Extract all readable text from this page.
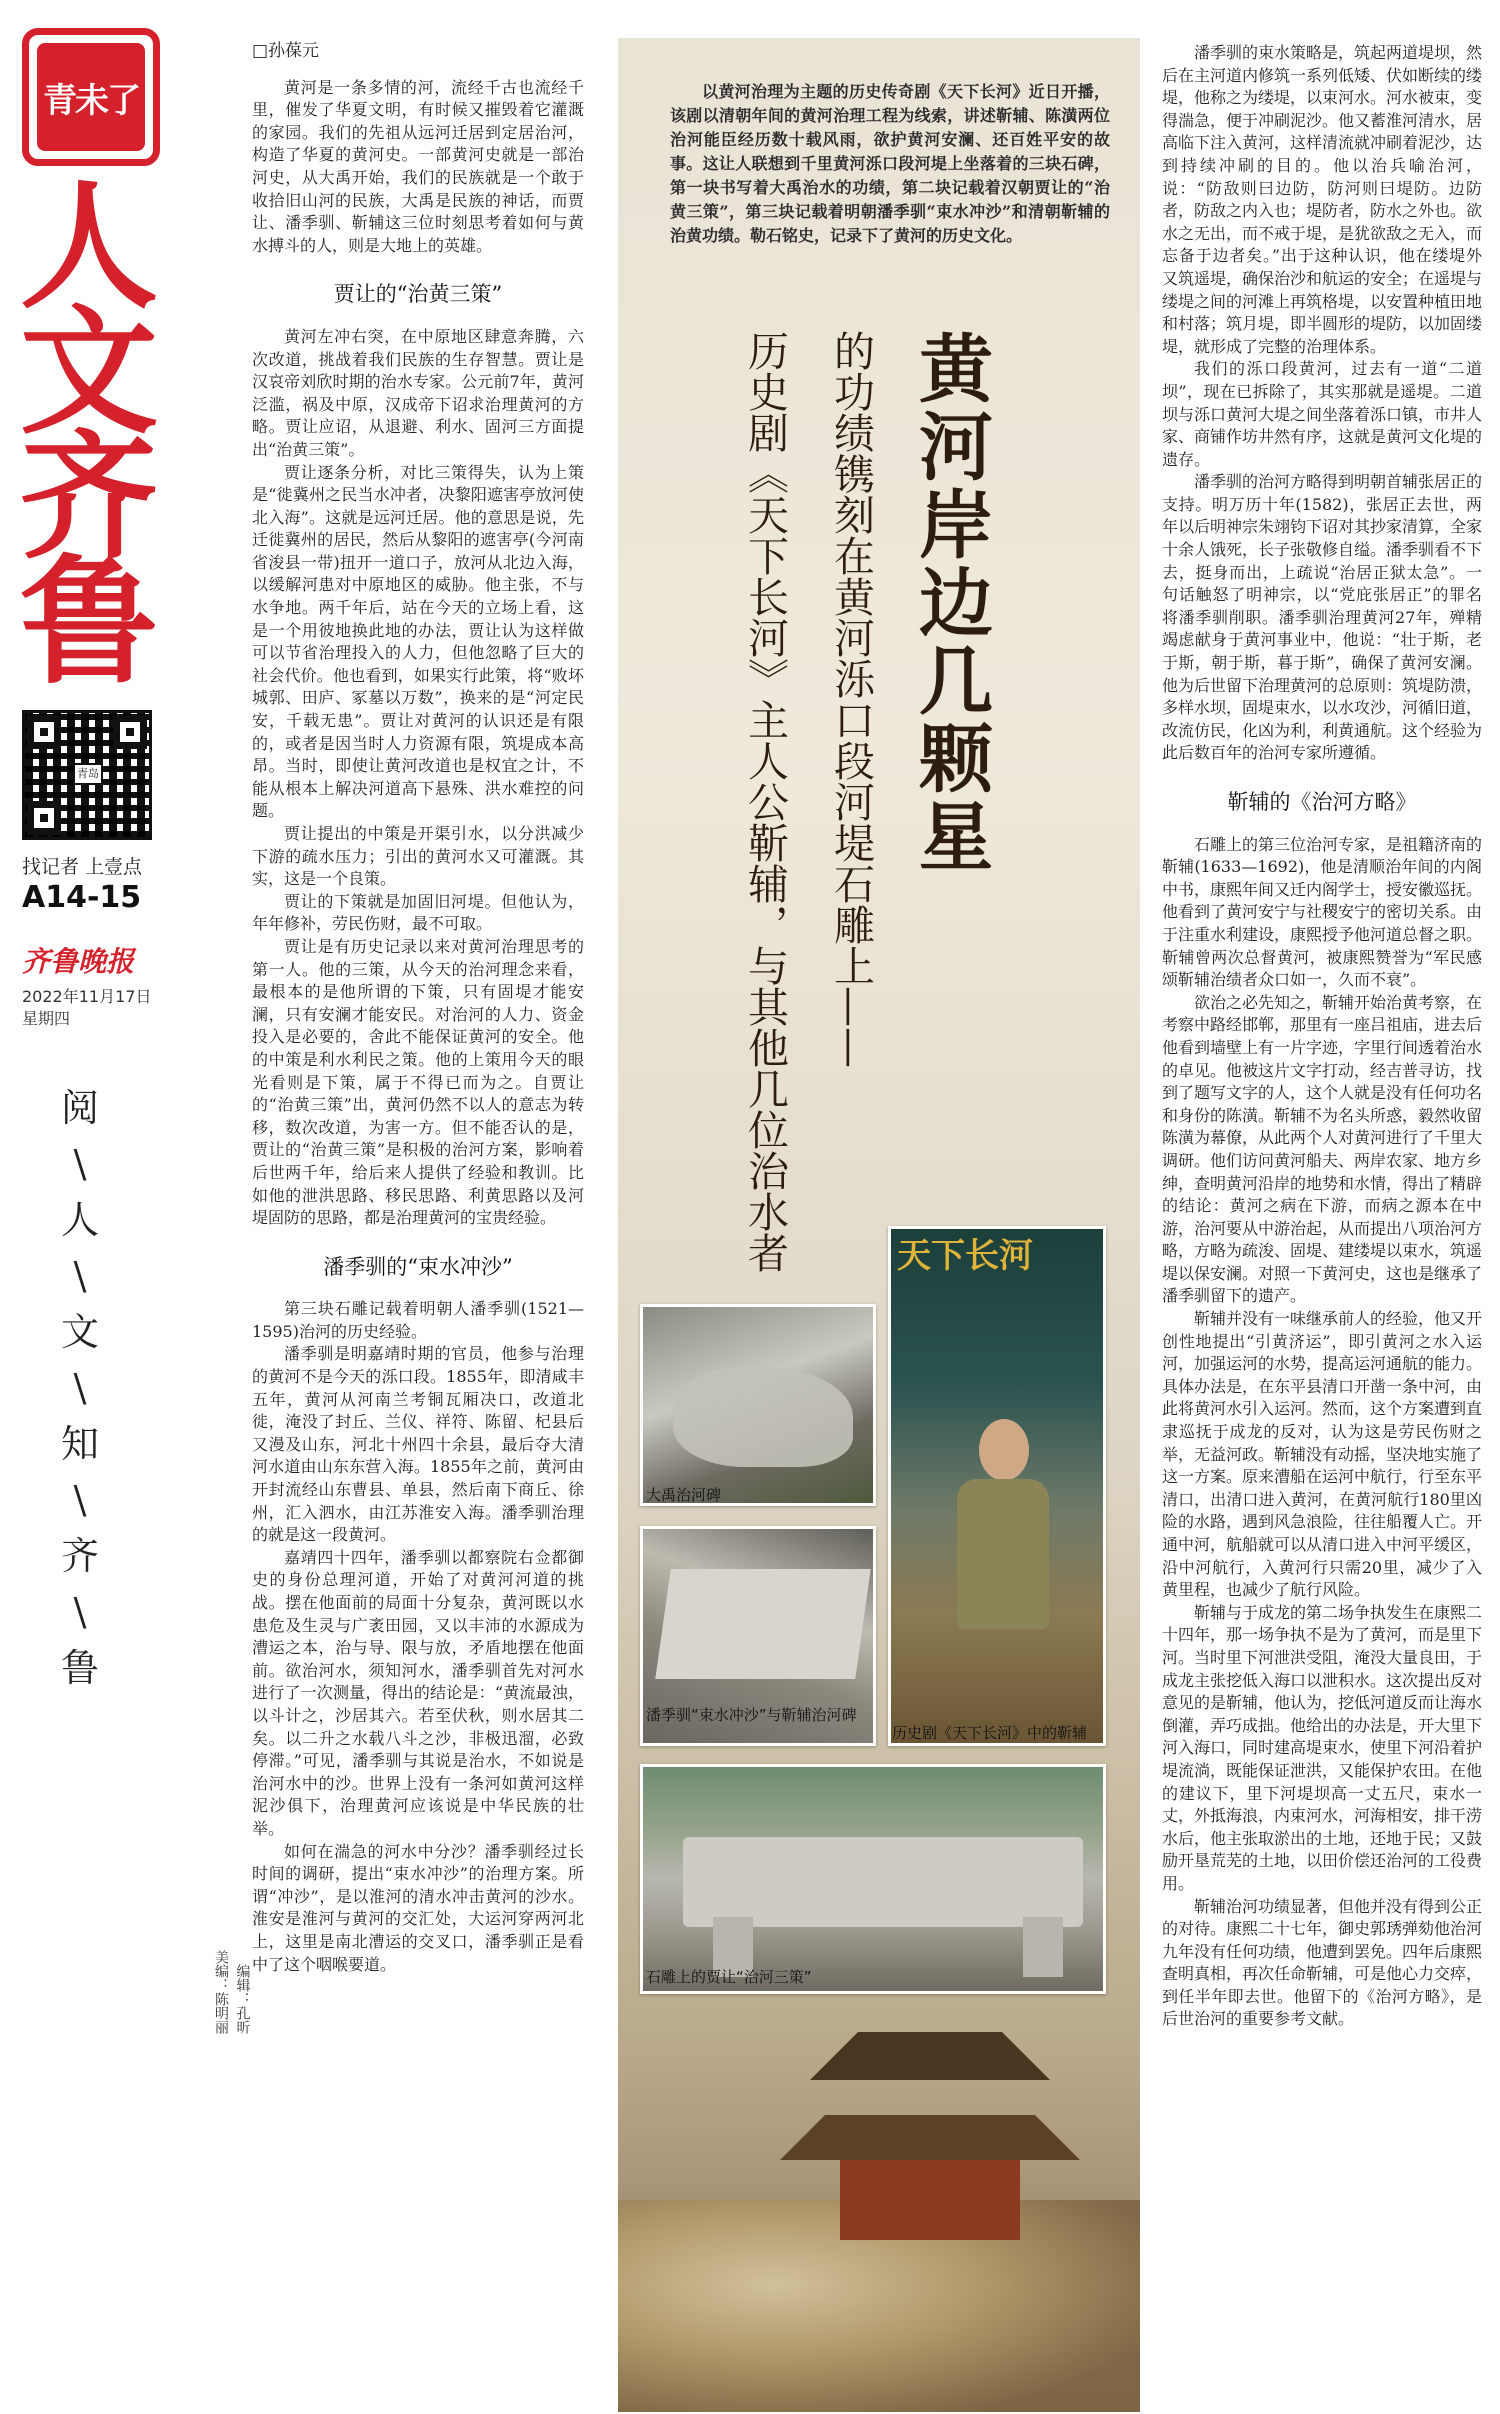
青未了
人文齐鲁
青岛
找记者 上壹点
A14-15
齐鲁晚报
2022年11月17日
星期四
阅
\
人
\
文
\
知
\
齐
\
鲁
美编：陈明丽 编辑：孔昕
□孙葆元

黄河是一条多情的河，流经千古也流经千里，催发了华夏文明，有时候又摧毁着它灌溉的家园。我们的先祖从远河迁居到定居治河，构造了华夏的黄河史。一部黄河史就是一部治河史，从大禹开始，我们的民族就是一个敢于收拾旧山河的民族，大禹是民族的神话，而贾让、潘季驯、靳辅这三位时刻思考着如何与黄水搏斗的人，则是大地上的英雄。

贾让的“治黄三策”

黄河左冲右突，在中原地区肆意奔腾，六次改道，挑战着我们民族的生存智慧。贾让是汉哀帝刘欣时期的治水专家。公元前7年，黄河泛滥，祸及中原，汉成帝下诏求治理黄河的方略。贾让应诏，从退避、利水、固河三方面提出“治黄三策”。

贾让逐条分析，对比三策得失，认为上策是“徙冀州之民当水冲者，决黎阳遮害亭放河使北入海”。这就是远河迁居。他的意思是说，先迁徙冀州的居民，然后从黎阳的遮害亭(今河南省浚县一带)扭开一道口子，放河从北边入海，以缓解河患对中原地区的威胁。他主张，不与水争地。两千年后，站在今天的立场上看，这是一个用彼地换此地的办法，贾让认为这样做可以节省治理投入的人力，但他忽略了巨大的社会代价。他也看到，如果实行此策，将“败坏城郭、田庐、冢墓以万数”，换来的是“河定民安，千载无患”。贾让对黄河的认识还是有限的，或者是因当时人力资源有限，筑堤成本高昂。当时，即使让黄河改道也是权宜之计，不能从根本上解决河道高下悬殊、洪水难控的问题。

贾让提出的中策是开渠引水，以分洪减少下游的疏水压力；引出的黄河水又可灌溉。其实，这是一个良策。

贾让的下策就是加固旧河堤。但他认为，年年修补，劳民伤财，最不可取。

贾让是有历史记录以来对黄河治理思考的第一人。他的三策，从今天的治河理念来看，最根本的是他所谓的下策，只有固堤才能安澜，只有安澜才能安民。对治河的人力、资金投入是必要的，舍此不能保证黄河的安全。他的中策是利水利民之策。他的上策用今天的眼光看则是下策，属于不得已而为之。自贾让的“治黄三策”出，黄河仍然不以人的意志为转移，数次改道，为害一方。但不能否认的是，贾让的“治黄三策”是积极的治河方案，影响着后世两千年，给后来人提供了经验和教训。比如他的泄洪思路、移民思路、利黄思路以及河堤固防的思路，都是治理黄河的宝贵经验。

潘季驯的“束水冲沙”

第三块石雕记载着明朝人潘季驯(1521—1595)治河的历史经验。

潘季驯是明嘉靖时期的官员，他参与治理的黄河不是今天的泺口段。1855年，即清咸丰五年，黄河从河南兰考铜瓦厢决口，改道北徙，淹没了封丘、兰仪、祥符、陈留、杞县后又漫及山东，河北十州四十余县，最后夺大清河水道由山东东营入海。1855年之前，黄河由开封流经山东曹县、单县，然后南下商丘、徐州，汇入泗水，由江苏淮安入海。潘季驯治理的就是这一段黄河。

嘉靖四十四年，潘季驯以都察院右佥都御史的身份总理河道，开始了对黄河河道的挑战。摆在他面前的局面十分复杂，黄河既以水患危及生灵与广袤田园，又以丰沛的水源成为漕运之本，治与导、限与放，矛盾地摆在他面前。欲治河水，须知河水，潘季驯首先对河水进行了一次测量，得出的结论是：“黄流最浊，以斗计之，沙居其六。若至伏秋，则水居其二矣。以二升之水载八斗之沙，非极迅溜，必致停滞。”可见，潘季驯与其说是治水，不如说是治河水中的沙。世界上没有一条河如黄河这样泥沙俱下，治理黄河应该说是中华民族的壮举。

如何在湍急的河水中分沙？潘季驯经过长时间的调研，提出“束水冲沙”的治理方案。所谓“冲沙”，是以淮河的清水冲击黄河的沙水。淮安是淮河与黄河的交汇处，大运河穿两河北上，这里是南北漕运的交叉口，潘季驯正是看中了这个咽喉要道。

以黄河治理为主题的历史传奇剧《天下长河》近日开播，该剧以清朝年间的黄河治理工程为线索，讲述靳辅、陈潢两位治河能臣经历数十载风雨，欲护黄河安澜、还百姓平安的故事。这让人联想到千里黄河泺口段河堤上坐落着的三块石碑，第一块书写着大禹治水的功绩，第二块记载着汉朝贾让的“治黄三策”，第三块记载着明朝潘季驯“束水冲沙”和清朝靳辅的治黄功绩。勒石铭史，记录下了黄河的历史文化。
黄河岸边几颗星
的功绩镌刻在黄河泺口段河堤石雕上——
历史剧《天下长河》主人公靳辅，与其他几位治水者
大禹治河碑
潘季驯“束水冲沙”与靳辅治河碑
天下长河
历史剧《天下长河》中的靳辅
石雕上的贾让“治河三策”

潘季驯的束水策略是，筑起两道堤坝，然后在主河道内修筑一系列低矮、伏如断续的缕堤，他称之为缕堤，以束河水。河水被束，变得湍急，便于冲刷泥沙。他又蓄淮河清水，居高临下注入黄河，这样清流就冲刷着泥沙，达到持续冲刷的目的。他以治兵喻治河，说：“防敌则曰边防，防河则曰堤防。边防者，防敌之内入也；堤防者，防水之外也。欲水之无出，而不戒于堤，是犹欲敌之无入，而忘备于边者矣。”出于这种认识，他在缕堤外又筑遥堤，确保治沙和航运的安全；在遥堤与缕堤之间的河滩上再筑格堤，以安置种植田地和村落；筑月堤，即半圆形的堤防，以加固缕堤，就形成了完整的治理体系。

我们的泺口段黄河，过去有一道“二道坝”，现在已拆除了，其实那就是遥堤。二道坝与泺口黄河大堤之间坐落着泺口镇，市井人家、商铺作坊井然有序，这就是黄河文化堤的遗存。

潘季驯的治河方略得到明朝首辅张居正的支持。明万历十年(1582)，张居正去世，两年以后明神宗朱翊钧下诏对其抄家清算，全家十余人饿死，长子张敬修自缢。潘季驯看不下去，挺身而出，上疏说“治居正狱太急”。一句话触怒了明神宗，以“党庇张居正”的罪名将潘季驯削职。潘季驯治理黄河27年，殚精竭虑献身于黄河事业中，他说：“壮于斯，老于斯，朝于斯，暮于斯”，确保了黄河安澜。他为后世留下治理黄河的总原则：筑堤防溃，多样水坝，固堤束水，以水攻沙，河循旧道，改流仿民，化凶为利，利黄通航。这个经验为此后数百年的治河专家所遵循。

靳辅的《治河方略》

石雕上的第三位治河专家，是祖籍济南的靳辅(1633—1692)，他是清顺治年间的内阁中书，康熙年间又迁内阁学士，授安徽巡抚。他看到了黄河安宁与社稷安宁的密切关系。由于注重水利建设，康熙授予他河道总督之职。靳辅曾两次总督黄河，被康熙赞誉为“军民感颂靳辅治绩者众口如一，久而不衰”。

欲治之必先知之，靳辅开始治黄考察，在考察中路经邯郸，那里有一座吕祖庙，进去后他看到墙壁上有一片字迹，字里行间透着治水的卓见。他被这片文字打动，经吉普寻访，找到了题写文字的人，这个人就是没有任何功名和身份的陈潢。靳辅不为名头所惑，毅然收留陈潢为幕僚，从此两个人对黄河进行了千里大调研。他们访问黄河船夫、两岸农家、地方乡绅，查明黄河沿岸的地势和水情，得出了精辟的结论：黄河之病在下游，而病之源本在中游，治河要从中游治起，从而提出八项治河方略，方略为疏浚、固堤、建缕堤以束水，筑遥堤以保安澜。对照一下黄河史，这也是继承了潘季驯留下的遗产。

靳辅并没有一味继承前人的经验，他又开创性地提出“引黄济运”，即引黄河之水入运河，加强运河的水势，提高运河通航的能力。具体办法是，在东平县清口开凿一条中河，由此将黄河水引入运河。然而，这个方案遭到直隶巡抚于成龙的反对，认为这是劳民伤财之举，无益河政。靳辅没有动摇，坚决地实施了这一方案。原来漕船在运河中航行，行至东平清口，出清口进入黄河，在黄河航行180里凶险的水路，遇到风急浪险，往往船覆人亡。开通中河，航船就可以从清口进入中河平缓区，沿中河航行，入黄河行只需20里，减少了入黄里程，也减少了航行风险。

靳辅与于成龙的第二场争执发生在康熙二十四年，那一场争执不是为了黄河，而是里下河。当时里下河泄洪受阻，淹没大量良田，于成龙主张挖低入海口以泄积水。这次提出反对意见的是靳辅，他认为，挖低河道反而让海水倒灌，弄巧成拙。他给出的办法是，开大里下河入海口，同时建高堤束水，使里下河沿着护堤流淌，既能保证泄洪，又能保护农田。在他的建议下，里下河堤坝高一丈五尺，束水一丈，外抵海浪，内束河水，河海相安，排干涝水后，他主张取淤出的土地，还地于民；又鼓励开垦荒芜的土地，以田价偿还治河的工役费用。

靳辅治河功绩显著，但他并没有得到公正的对待。康熙二十七年，御史郭琇弹劾他治河九年没有任何功绩，他遭到罢免。四年后康熙查明真相，再次任命靳辅，可是他心力交瘁，到任半年即去世。他留下的《治河方略》，是后世治河的重要参考文献。
